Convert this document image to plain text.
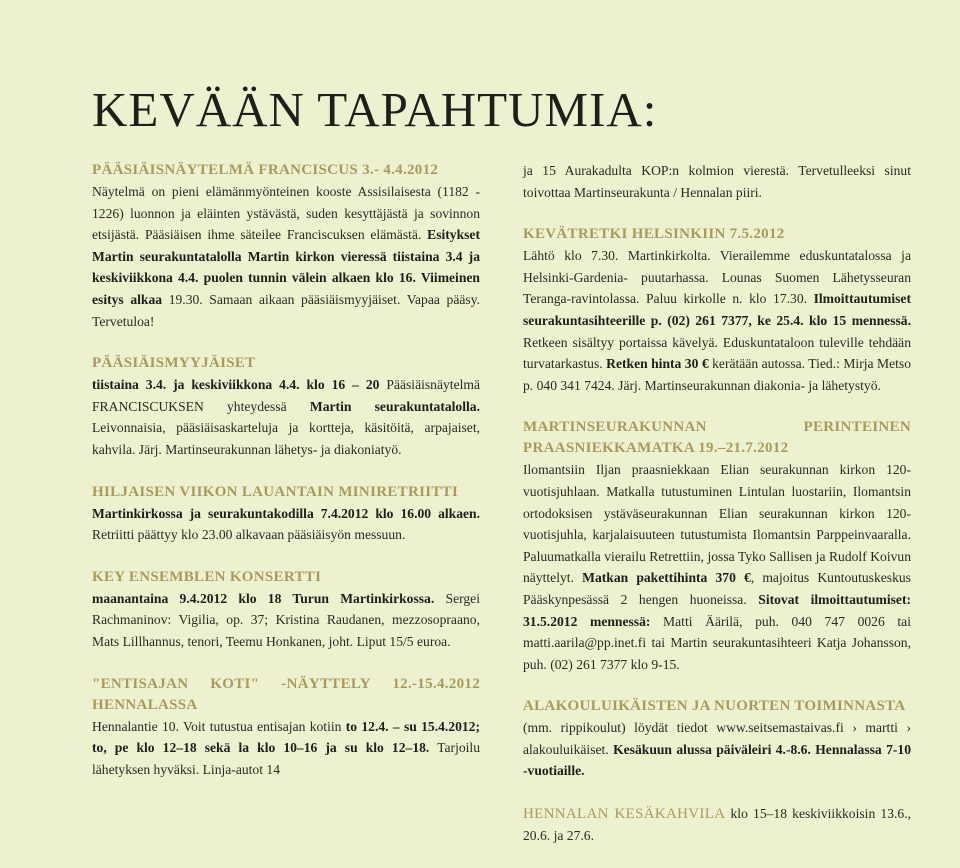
KEVÄÄN TAPAHTUMIA:
PÄÄSIÄISNÄYTELMÄ FRANCISCUS 3.- 4.4.2012

Näytelmä on pieni elämänmyönteinen kooste Assisilaisesta (1182 - 1226) luonnon ja eläinten ystävästä, suden kesyttäjästä ja sovinnon etsijästä. Pääsiäisen ihme säteilee Franciscuksen elämästä. Esitykset Martin seurakuntatalolla Martin kirkon vieressä tiistaina 3.4 ja keskiviikkona 4.4. puolen tunnin välein alkaen klo 16. Viimeinen esitys alkaa 19.30. Samaan aikaan pääsiäismyyjäiset. Vapaa pääsy. Tervetuloa!

PÄÄSIÄISMYYJÄISET

tiistaina 3.4. ja keskiviikkona 4.4. klo 16 – 20 Pääsiäisnäytelmä FRANCISCUKSEN yhteydessä Martin seurakuntatalolla. Leivonnaisia, pääsiäisaskarteluja ja kortteja, käsitöitä, arpajaiset, kahvila. Järj. Martinseurakunnan lähetys- ja diakoniatyö.

HILJAISEN VIIKON LAUANTAIN MINIRETRIITTI

Martinkirkossa ja seurakuntakodilla 7.4.2012 klo 16.00 alkaen. Retriitti päättyy klo 23.00 alkavaan pääsiäisyön messuun.

KEY ENSEMBLEN KONSERTTI

maanantaina 9.4.2012 klo 18 Turun Martinkirkossa. Sergei Rachmaninov: Vigilia, op. 37; Kristina Raudanen, mezzosopraano, Mats Lillhannus, tenori, Teemu Honkanen, joht. Liput 15/5 euroa.

"ENTISAJAN KOTI" -NÄYTTELY 12.-15.4.2012 HENNALASSA

Hennalantie 10. Voit tutustua entisajan kotiin to 12.4. – su 15.4.2012; to, pe klo 12–18 sekä la klo 10–16 ja su klo 12–18. Tarjoilu lähetyksen hyväksi. Linja-autot 14

ja 15 Aurakadulta KOP:n kolmion vierestä. Tervetulleeksi sinut toivottaa Martinseurakunta / Hennalan piiri.

KEVÄTRETKI HELSINKIIN 7.5.2012

Lähtö klo 7.30. Martinkirkolta. Vierailemme eduskuntatalossa ja Helsinki-Gardenia- puutarhassa. Lounas Suomen Lähetysseuran Teranga-ravintolassa. Paluu kirkolle n. klo 17.30. Ilmoittautumiset seurakuntasihteerille p. (02) 261 7377, ke 25.4. klo 15 mennessä. Retkeen sisältyy portaissa kävelyä. Eduskuntataloon tuleville tehdään turvatarkastus. Retken hinta 30 € kerätään autossa. Tied.: Mirja Metso p. 040 341 7424. Järj. Martinseurakunnan diakonia- ja lähetystyö.

MARTINSEURAKUNNAN PERINTEINEN PRAASNIEKKAMATKA 19.–21.7.2012

Ilomantsiin Iljan praasniekkaan Elian seurakunnan kirkon 120-vuotisjuhlaan. Matkalla tutustuminen Lintulan luostariin, Ilomantsin ortodoksisen ystäväseurakunnan Elian seurakunnan kirkon 120-vuotisjuhla, karjalaisuuteen tutustumista Ilomantsin Parppeinvaaralla. Paluumatkalla vierailu Retrettiin, jossa Tyko Sallisen ja Rudolf Koivun näyttelyt. Matkan pakettihinta 370 €, majoitus Kuntoutuskeskus Pääskynpesässä 2 hengen huoneissa. Sitovat ilmoittautumiset: 31.5.2012 mennessä: Matti Äärilä, puh. 040 747 0026 tai matti.aarila@pp.inet.fi tai Martin seurakuntasihteeri Katja Johansson, puh. (02) 261 7377 klo 9-15.

ALAKOULUIKÄISTEN JA NUORTEN TOIMINNASTA

(mm. rippikoulut) löydät tiedot www.seitsemastaivas.fi › martti › alakouluikäiset. Kesäkuun alussa päiväleiri 4.-8.6. Hennalassa 7-10 -vuotiaille.

HENNALAN KESÄKAHVILA klo 15–18 keskiviikkoisin 13.6., 20.6. ja 27.6.
